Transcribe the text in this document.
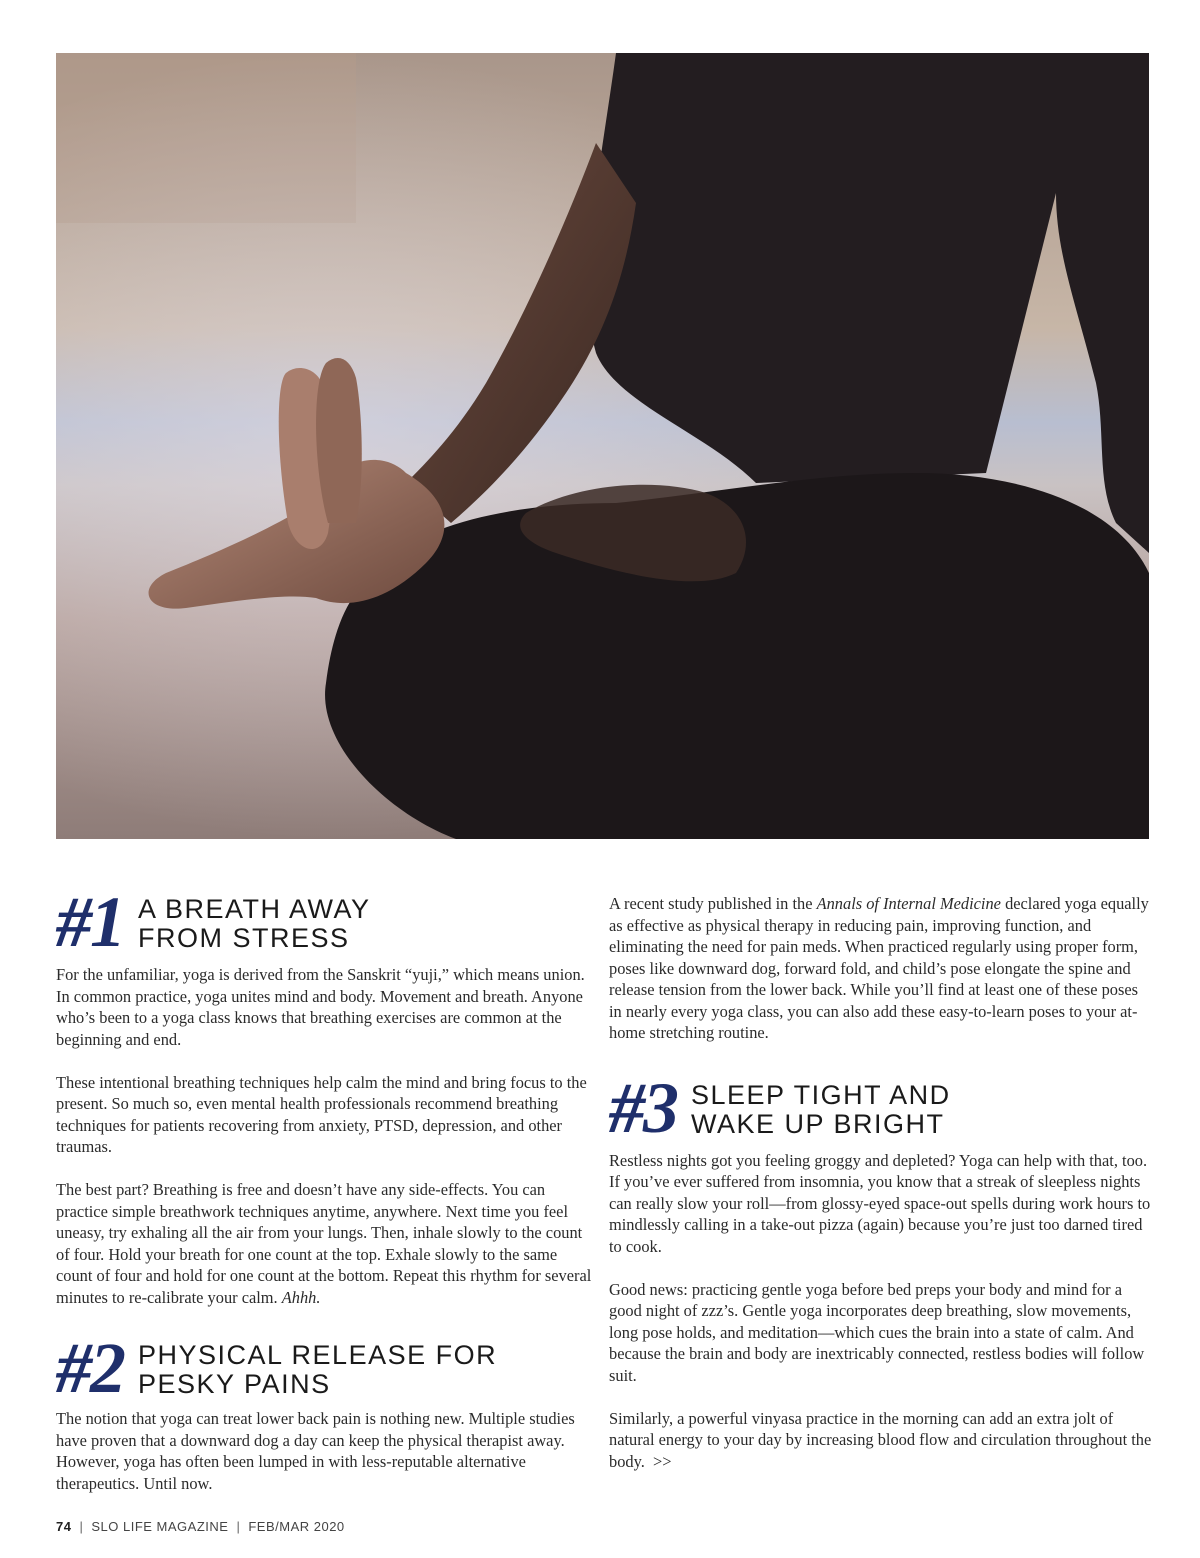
#1 A BREATH AWAY
FROM STRESS

For the unfamiliar, yoga is derived from the Sanskrit “yuji,” which means union. In common practice, yoga unites mind and body. Movement and breath. Anyone who’s been to a yoga class knows that breathing exercises are common at the beginning and end.

These intentional breathing techniques help calm the mind and bring focus to the present. So much so, even mental health professionals recommend breathing techniques for patients recovering from anxiety, PTSD, depression, and other traumas.

The best part? Breathing is free and doesn’t have any side-effects. You can practice simple breathwork techniques anytime, anywhere. Next time you feel uneasy, try exhaling all the air from your lungs. Then, inhale slowly to the count of four. Hold your breath for one count at the top. Exhale slowly to the same count of four and hold for one count at the bottom. Repeat this rhythm for several minutes to re-calibrate your calm. Ahhh.

#2 PHYSICAL RELEASE FOR
PESKY PAINS

The notion that yoga can treat lower back pain is nothing new. Multiple studies have proven that a downward dog a day can keep the physical therapist away. However, yoga has often been lumped in with less-reputable alternative therapeutics. Until now.

A recent study published in the Annals of Internal Medicine declared yoga equally as effective as physical therapy in reducing pain, improving function, and eliminating the need for pain meds. When practiced regularly using proper form, poses like downward dog, forward fold, and child’s pose elongate the spine and release tension from the lower back. While you’ll find at least one of these poses in nearly every yoga class, you can also add these easy-to-learn poses to your at-home stretching routine.

#3 SLEEP TIGHT AND
WAKE UP BRIGHT

Restless nights got you feeling groggy and depleted? Yoga can help with that, too. If you’ve ever suffered from insomnia, you know that a streak of sleepless nights can really slow your roll—from glossy-eyed space-out spells during work hours to mindlessly calling in a take-out pizza (again) because you’re just too darned tired to cook.

Good news: practicing gentle yoga before bed preps your body and mind for a good night of zzz’s. Gentle yoga incorporates deep breathing, slow movements, long pose holds, and meditation—which cues the brain into a state of calm. And because the brain and body are inextricably connected, restless bodies will follow suit.

Similarly, a powerful vinyasa practice in the morning can add an extra jolt of natural energy to your day by increasing blood flow and circulation throughout the body. >>

74 | SLO LIFE MAGAZINE | FEB/MAR 2020
